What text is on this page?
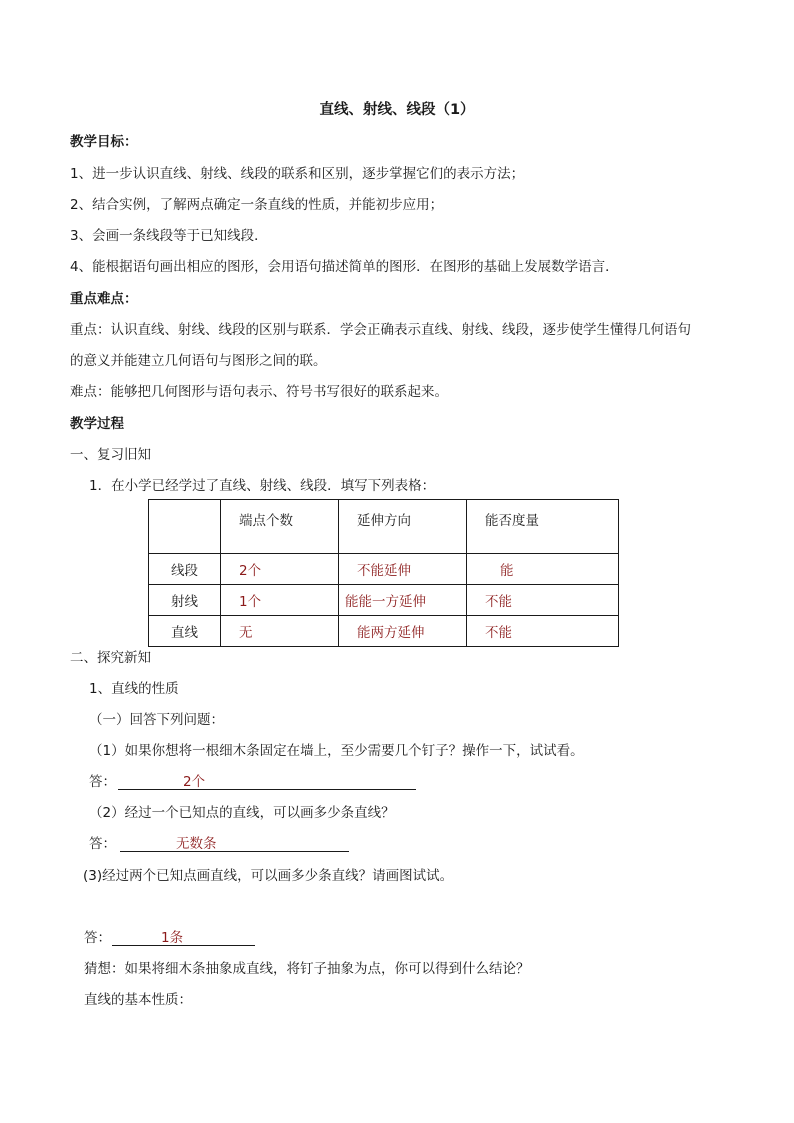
直线、射线、线段（1）
教学目标：
1、进一步认识直线、射线、线段的联系和区别，逐步掌握它们的表示方法；
2、结合实例，了解两点确定一条直线的性质，并能初步应用；
3、会画一条线段等于已知线段．
4、能根据语句画出相应的图形，会用语句描述简单的图形．在图形的基础上发展数学语言．
重点难点：
重点：认识直线、射线、线段的区别与联系．学会正确表示直线、射线、线段，逐步使学生懂得几何语句
的意义并能建立几何语句与图形之间的联。
难点：能够把几何图形与语句表示、符号书写很好的联系起来。
教学过程
一、复习旧知
1．在小学已经学过了直线、射线、线段．填写下列表格：
	端点个数	延伸方向	能否度量
线段	2个	不能延伸	能
射线	1个	能能一方延伸	不能
直线	无	能两方延伸	不能
二、探究新知
1、直线的性质
（一）回答下列问题：
（1）如果你想将一根细木条固定在墙上，至少需要几个钉子？操作一下，试试看。
答：	2个
（2）经过一个已知点的直线，可以画多少条直线？
答：	无数条
(3)经过两个已知点画直线，可以画多少条直线？请画图试试。
答：	1条
猜想：如果将细木条抽象成直线，将钉子抽象为点，你可以得到什么结论？
直线的基本性质：
